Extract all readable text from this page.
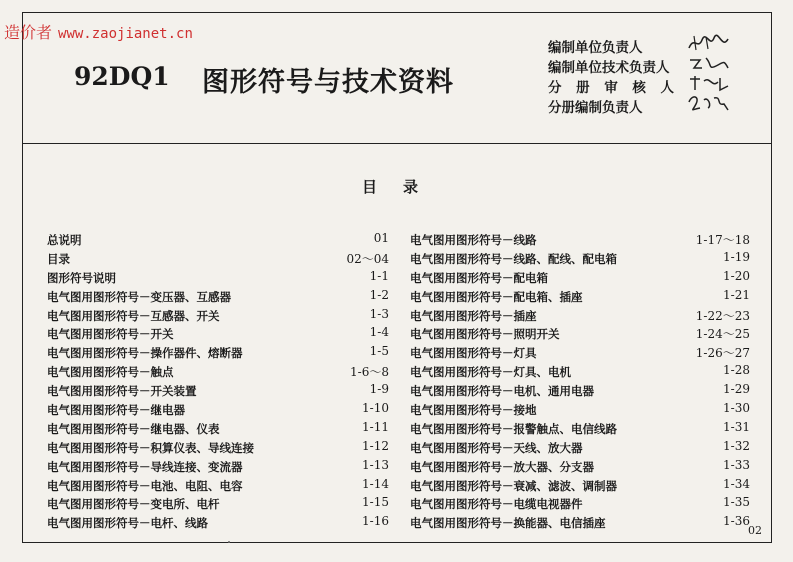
造价者 www.zaojianet.cn
92DQ1 图形符号与技术资料
编制单位负责人
编制单位技术负责人
分 册 审 核 人
分册编制负责人
目录
总说明	01
目录	02～04
图形符号说明	1-1
电气图用图形符号－变压器、互感器	1-2
电气图用图形符号－互感器、开关	1-3
电气图用图形符号－开关	1-4
电气图用图形符号－操作器件、熔断器	1-5
电气图用图形符号－触点	1-6～8
电气图用图形符号－开关装置	1-9
电气图用图形符号－继电器	1-10
电气图用图形符号－继电器、仪表	1-11
电气图用图形符号－积算仪表、导线连接	1-12
电气图用图形符号－导线连接、变流器	1-13
电气图用图形符号－电池、电阻、电容	1-14
电气图用图形符号－变电所、电杆	1-15
电气图用图形符号－电杆、线路	1-16
电气图用图形符号－线路	1-17～18
电气图用图形符号－线路、配线、配电箱	1-19
电气图用图形符号－配电箱	1-20
电气图用图形符号－配电箱、插座	1-21
电气图用图形符号－插座	1-22～23
电气图用图形符号－照明开关	1-24～25
电气图用图形符号－灯具	1-26～27
电气图用图形符号－灯具、电机	1-28
电气图用图形符号－电机、通用电器	1-29
电气图用图形符号－接地	1-30
电气图用图形符号－报警触点、电信线路	1-31
电气图用图形符号－天线、放大器	1-32
电气图用图形符号－放大器、分支器	1-33
电气图用图形符号－衰减、滤波、调制器	1-34
电气图用图形符号－电缆电视器件	1-35
电气图用图形符号－换能器、电信插座	1-36
02
